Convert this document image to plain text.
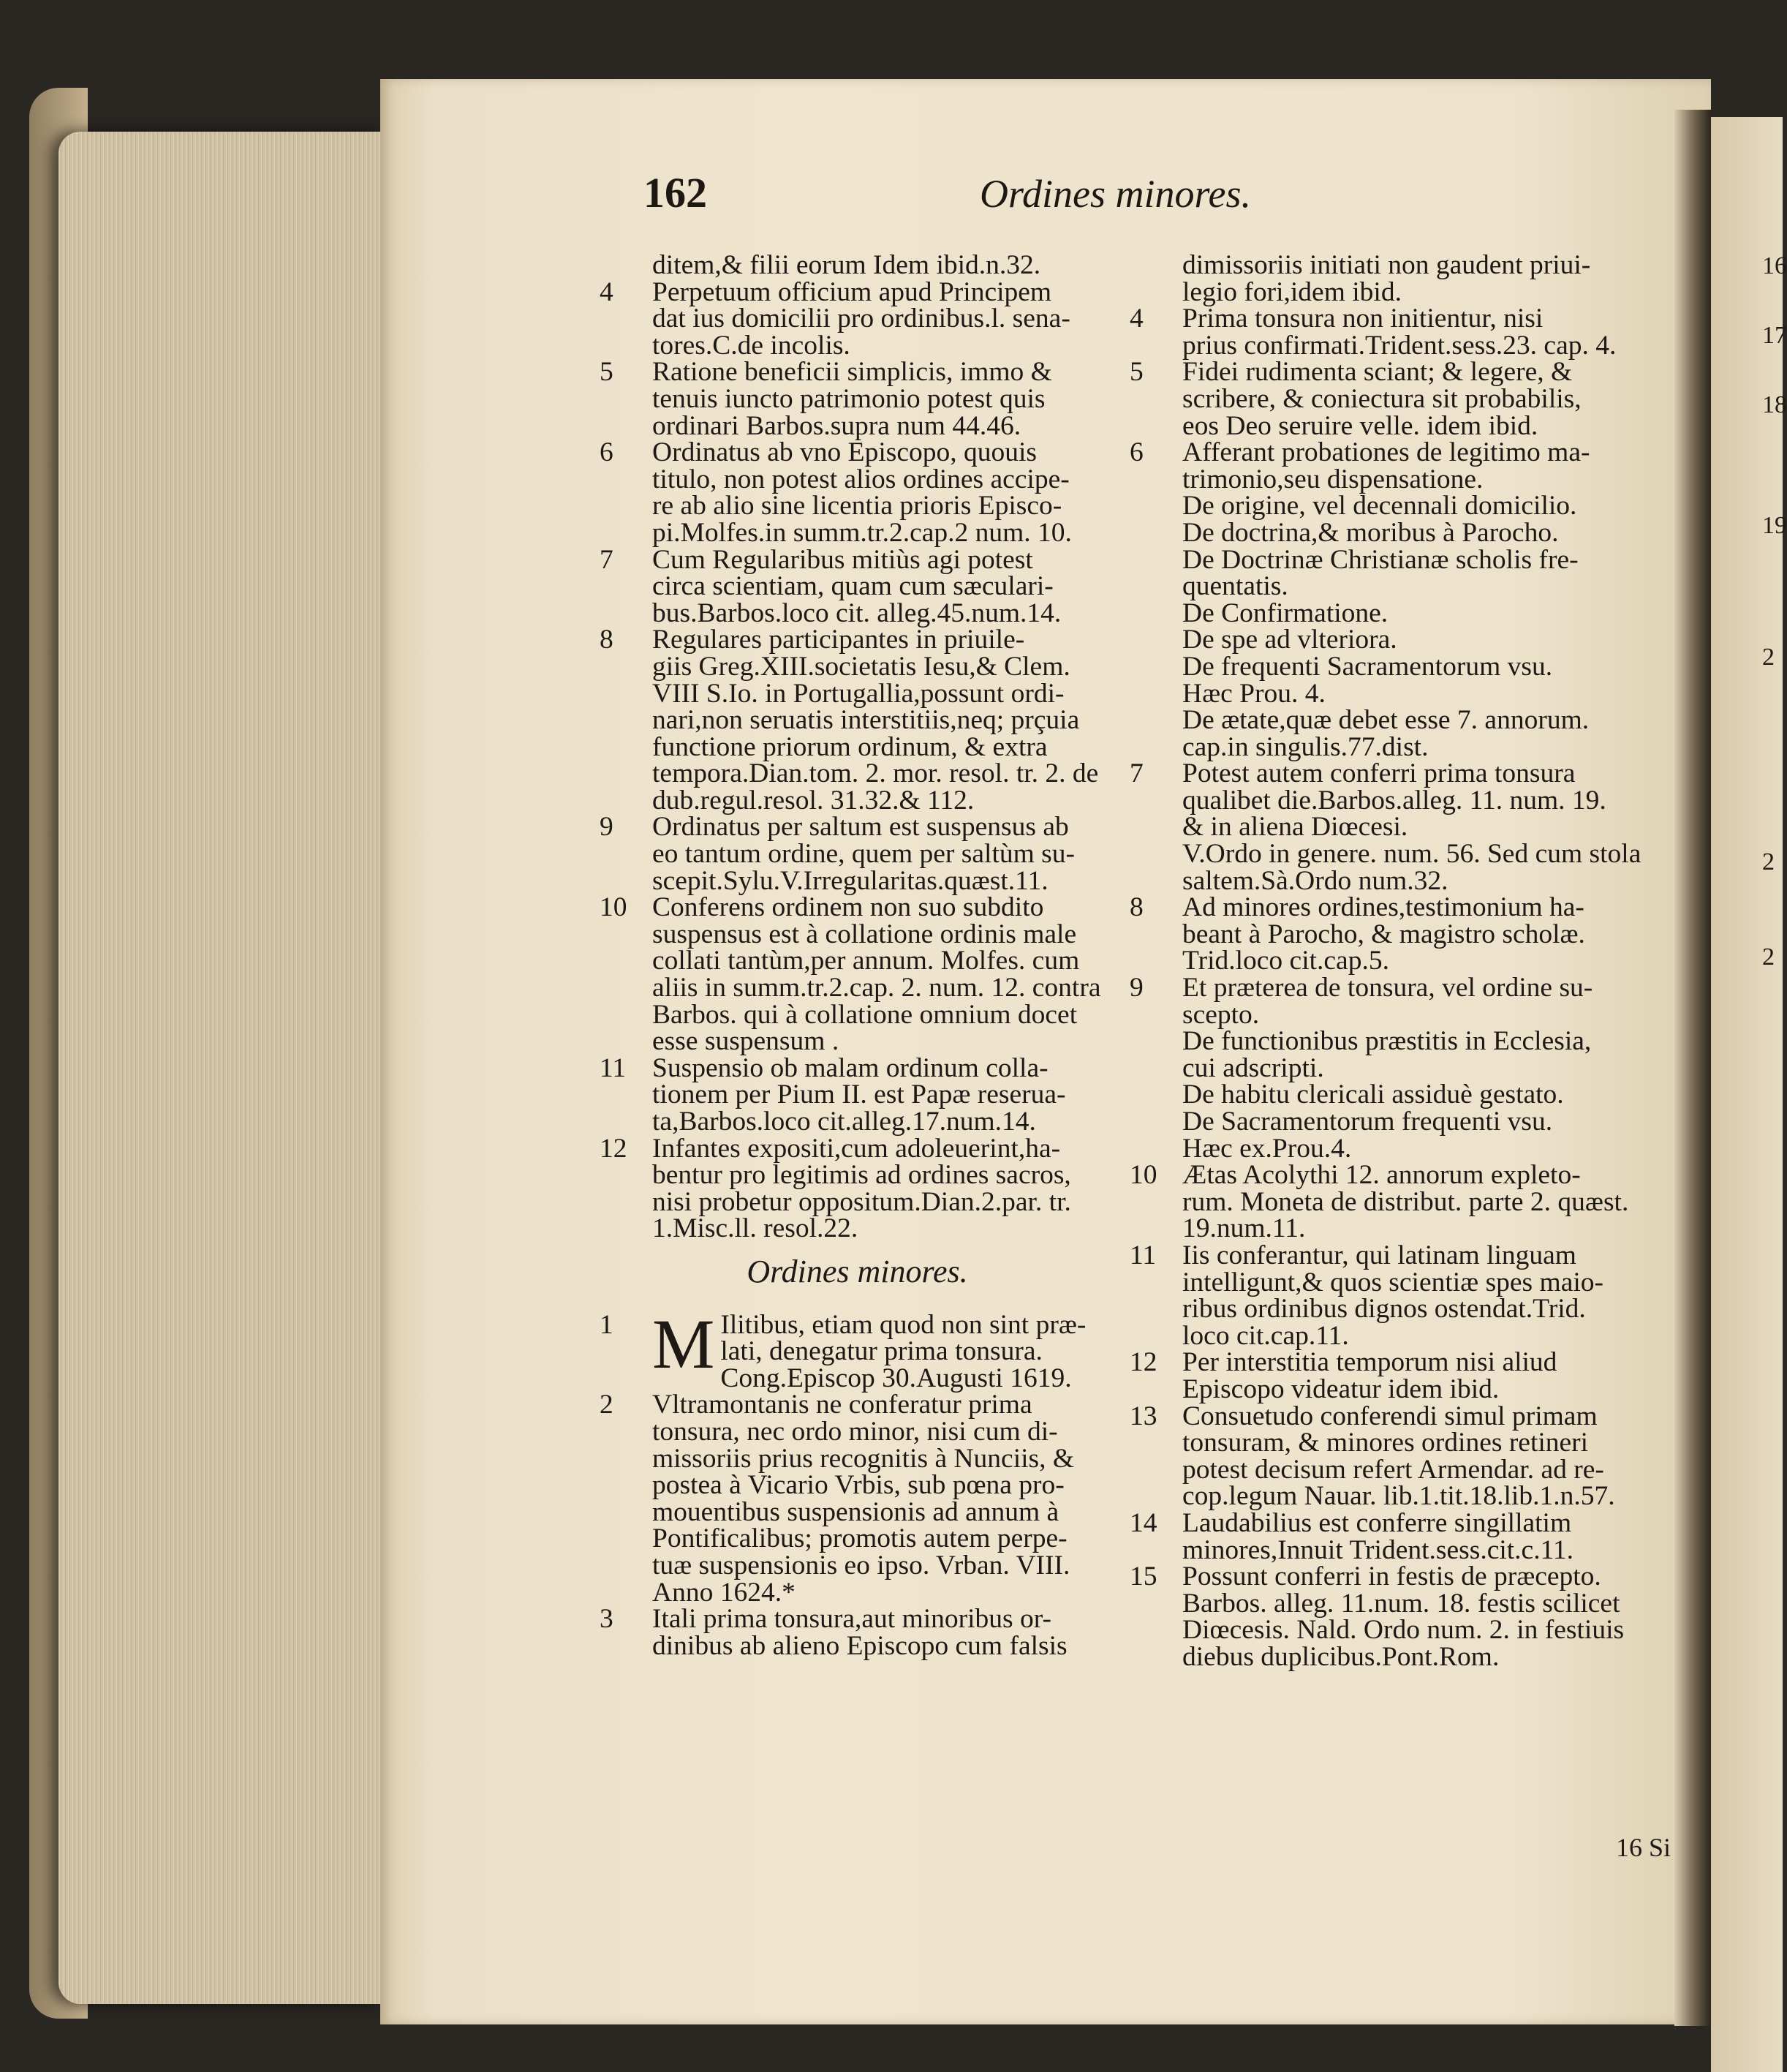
16
17
18
19
2
2
2
162	Ordines minores.
ditem,& filii eorum Idem ibid.n.32.
4	Perpetuum officium apud Principem
dat ius domicilii pro ordinibus.l. sena-
tores.C.de incolis.
5	Ratione beneficii simplicis, immo &
tenuis iuncto patrimonio potest quis
ordinari Barbos.supra num 44.46.
6	Ordinatus ab vno Episcopo, quouis
titulo, non potest alios ordines accipe-
re ab alio sine licentia prioris Episco-
pi.Molfes.in summ.tr.2.cap.2 num. 10.
7	Cum Regularibus mitiùs agi potest
circa scientiam, quam cum sæculari-
bus.Barbos.loco cit. alleg.45.num.14.
8	Regulares participantes in priuile-
giis Greg.XIII.societatis Iesu,& Clem.
VIII S.Io. in Portugallia,possunt ordi-
nari,non seruatis interstitiis,neq; prçuia
functione priorum ordinum, & extra
tempora.Dian.tom. 2. mor. resol. tr. 2. de
dub.regul.resol. 31.32.& 112.
9	Ordinatus per saltum est suspensus ab
eo tantum ordine, quem per saltùm su-
scepit.Sylu.V.Irregularitas.quæst.11.
10 Conferens ordinem non suo subdito
suspensus est à collatione ordinis male
collati tantùm,per annum. Molfes. cum
aliis in summ.tr.2.cap. 2. num. 12. contra
Barbos. qui à collatione omnium docet
esse suspensum .
11 Suspensio ob malam ordinum colla-
tionem per Pium II. est Papæ reserua-
ta,Barbos.loco cit.alleg.17.num.14.
12 Infantes expositi,cum adoleuerint,ha-
bentur pro legitimis ad ordines sacros,
nisi probetur oppositum.Dian.2.par. tr.
1.Misc.ll. resol.22.
Ordines minores.
1 M Ilitibus, etiam quod non sint præ-
lati, denegatur prima tonsura.
Cong.Episcop 30.Augusti 1619.
2	Vltramontanis ne conferatur prima
tonsura, nec ordo minor, nisi cum di-
missoriis prius recognitis à Nunciis, &
postea à Vicario Vrbis, sub pœna pro-
mouentibus suspensionis ad annum à
Pontificalibus; promotis autem perpe-
tuæ suspensionis eo ipso. Vrban. VIII.
Anno 1624.*
3	Itali prima tonsura,aut minoribus or-
dinibus ab alieno Episcopo cum falsis
dimissoriis initiati non gaudent priui-
legio fori,idem ibid.
4	Prima tonsura non initientur, nisi
prius confirmati.Trident.sess.23. cap. 4.
5	Fidei rudimenta sciant; & legere, &
scribere, & coniectura sit probabilis,
eos Deo seruire velle. idem ibid.
6	Afferant probationes de legitimo ma-
trimonio,seu dispensatione.
De origine, vel decennali domicilio.
De doctrina,& moribus à Parocho.
De Doctrinæ Christianæ scholis fre-
quentatis.
De Confirmatione.
De spe ad vlteriora.
De frequenti Sacramentorum vsu.
Hæc Prou. 4.
De ætate,quæ debet esse 7. annorum.
cap.in singulis.77.dist.
7	Potest autem conferri prima tonsura
qualibet die.Barbos.alleg. 11. num. 19.
& in aliena Diœcesi.
V.Ordo in genere. num. 56. Sed cum stola
saltem.Sà.Ordo num.32.
8	Ad minores ordines,testimonium ha-
beant à Parocho, & magistro scholæ.
Trid.loco cit.cap.5.
9	Et præterea de tonsura, vel ordine su-
scepto.
De functionibus præstitis in Ecclesia,
cui adscripti.
De habitu clericali assiduè gestato.
De Sacramentorum frequenti vsu.
Hæc ex.Prou.4.
10 Ætas Acolythi 12. annorum expleto-
rum. Moneta de distribut. parte 2. quæst.
19.num.11.
11 Iis conferantur, qui latinam linguam
intelligunt,& quos scientiæ spes maio-
ribus ordinibus dignos ostendat.Trid.
loco cit.cap.11.
12 Per interstitia temporum nisi aliud
Episcopo videatur idem ibid.
13 Consuetudo conferendi simul primam
tonsuram, & minores ordines retineri
potest decisum refert Armendar. ad re-
cop.legum Nauar. lib.1.tit.18.lib.1.n.57.
14 Laudabilius est conferre singillatim
minores,Innuit Trident.sess.cit.c.11.
15 Possunt conferri in festis de præcepto.
Barbos. alleg. 11.num. 18. festis scilicet
Diœcesis. Nald. Ordo num. 2. in festiuis
diebus duplicibus.Pont.Rom.
16 Si
